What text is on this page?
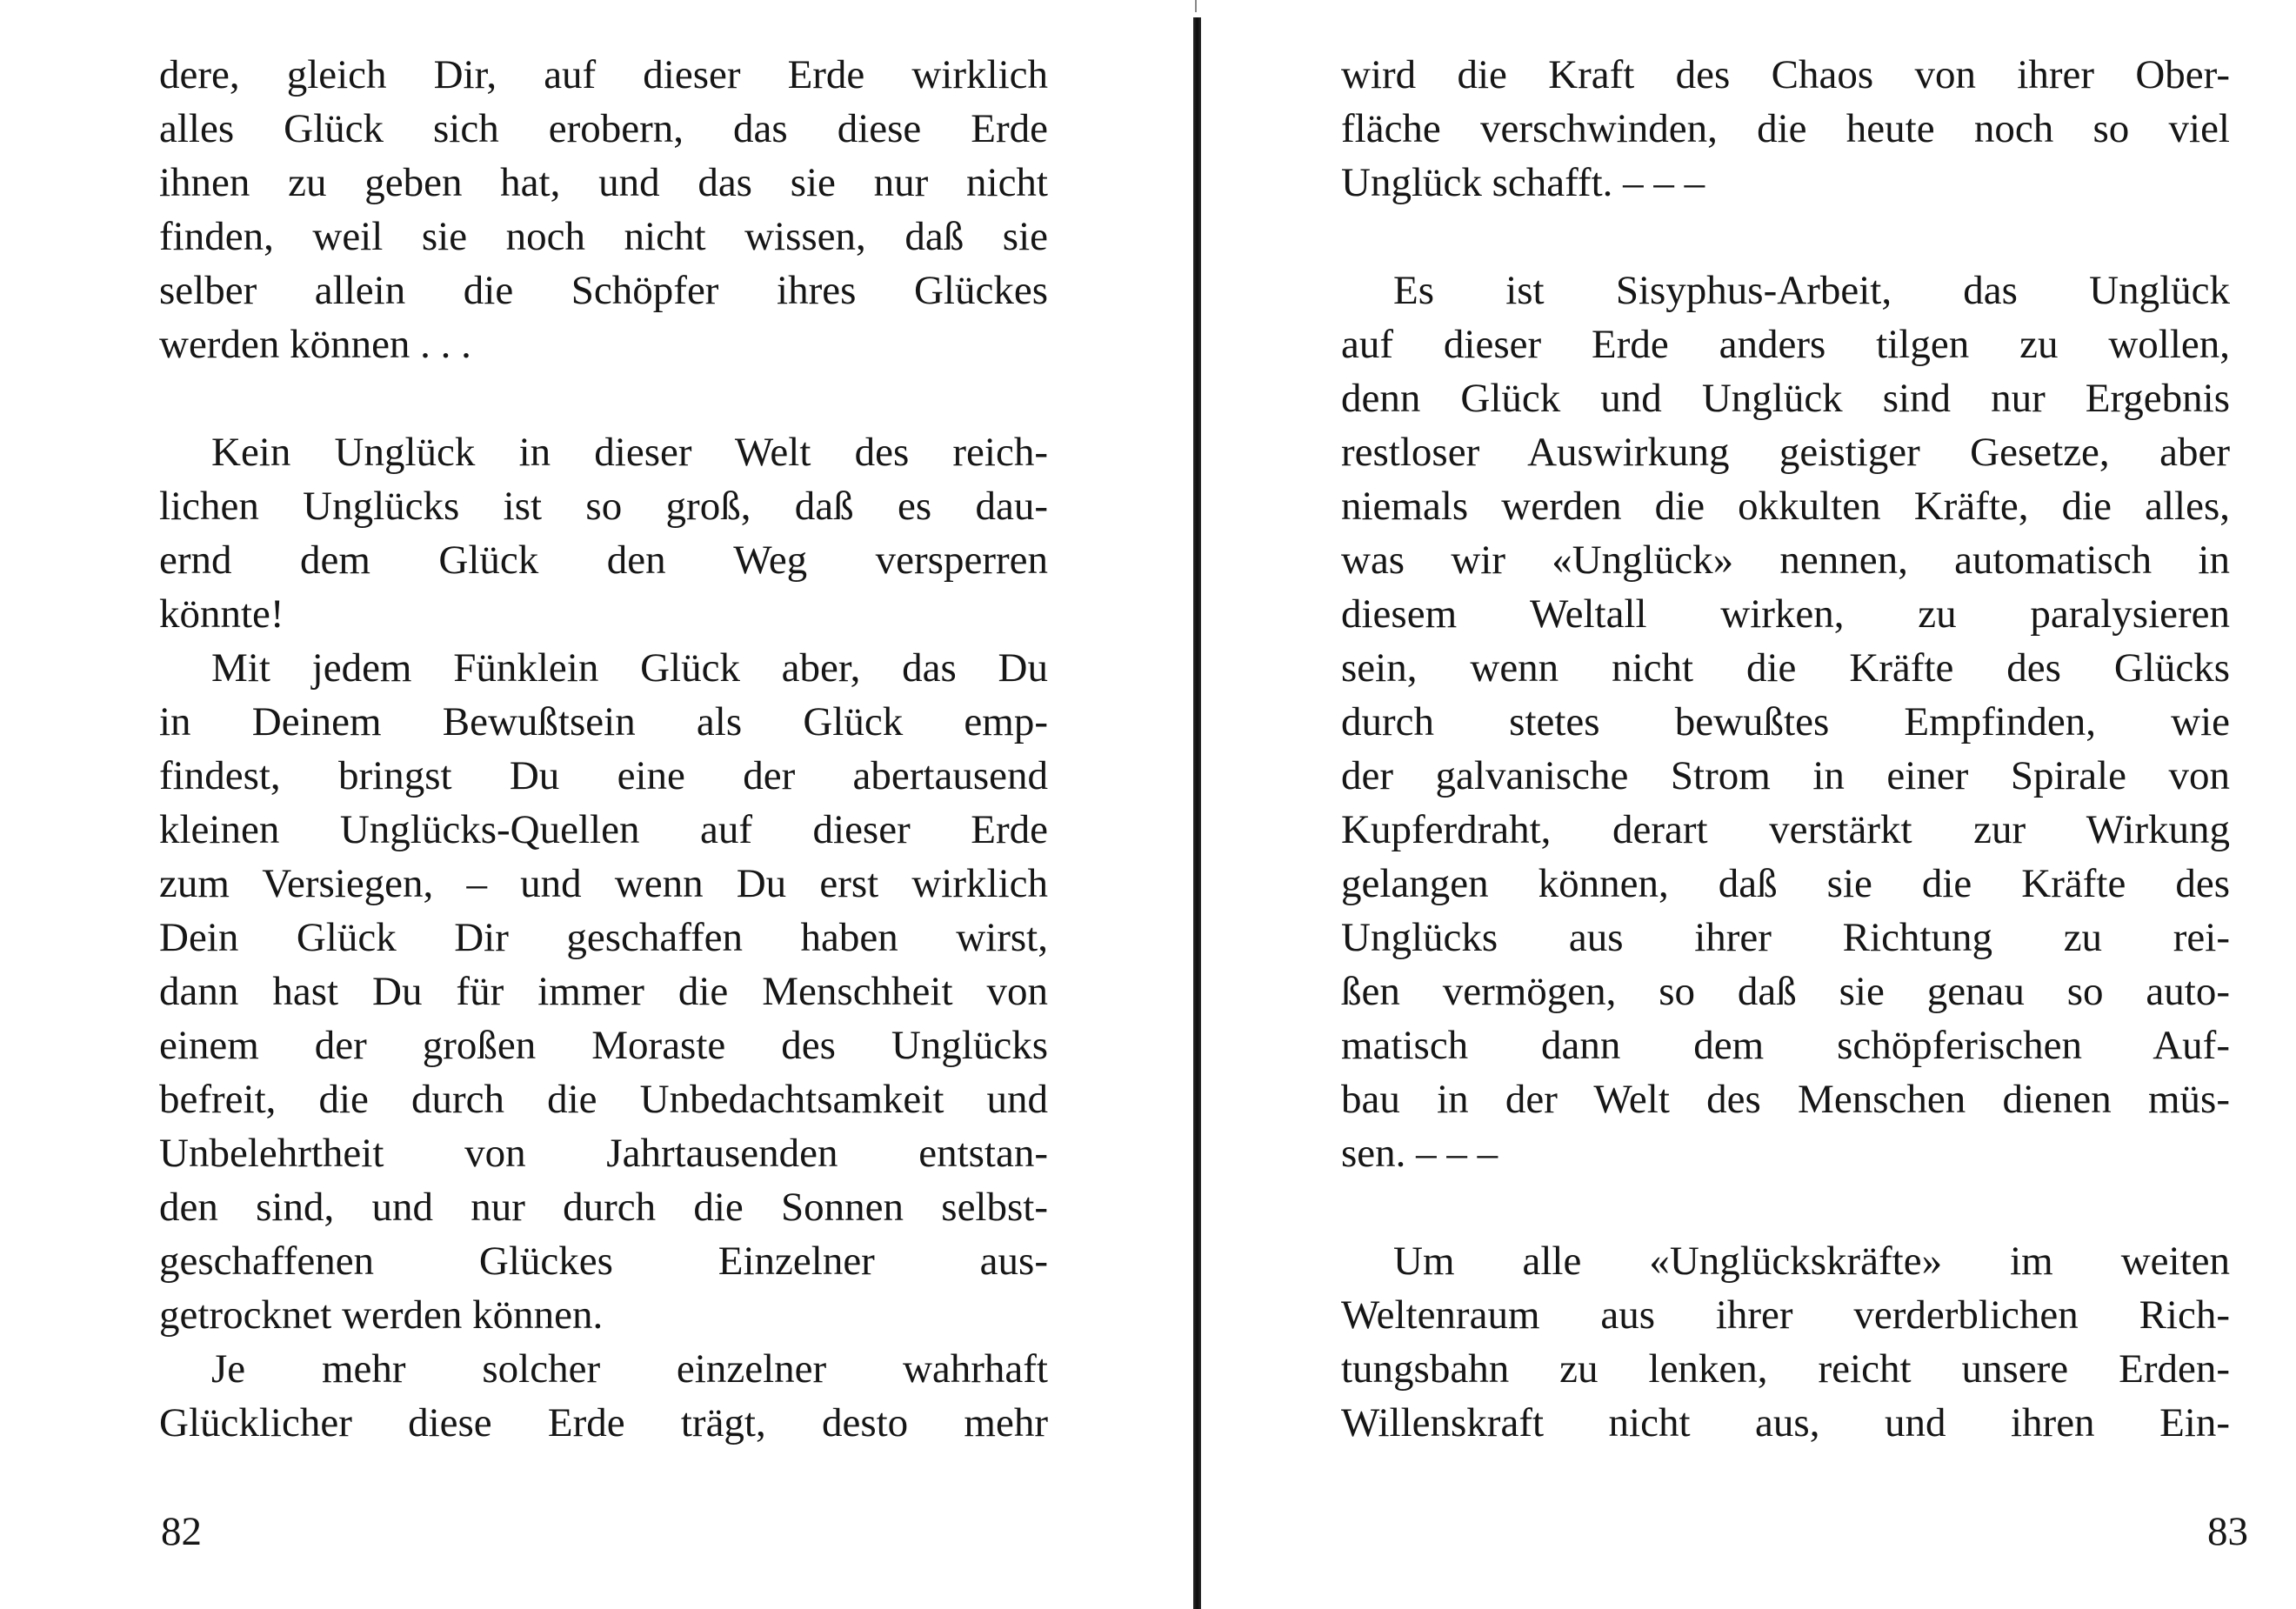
dere, gleich Dir, auf dieser Erde wirklich
alles Glück sich erobern, das diese Erde
ihnen zu geben hat, und das sie nur nicht
finden, weil sie noch nicht wissen, daß sie
selber allein die Schöpfer ihres Glückes
werden können . . .
Kein Unglück in dieser Welt des reich-
lichen Unglücks ist so groß, daß es dau-
ernd dem Glück den Weg versperren
könnte!
Mit jedem Fünklein Glück aber, das Du
in Deinem Bewußtsein als Glück emp-
findest, bringst Du eine der abertausend
kleinen Unglücks-Quellen auf dieser Erde
zum Versiegen, – und wenn Du erst wirklich
Dein Glück Dir geschaffen haben wirst,
dann hast Du für immer die Menschheit von
einem der großen Moraste des Unglücks
befreit, die durch die Unbedachtsamkeit und
Unbelehrtheit von Jahrtausenden entstan-
den sind, und nur durch die Sonnen selbst-
geschaffenen Glückes Einzelner aus-
getrocknet werden können.
Je mehr solcher einzelner wahrhaft
Glücklicher diese Erde trägt, desto mehr
82
wird die Kraft des Chaos von ihrer Ober-
fläche verschwinden, die heute noch so viel
Unglück schafft. – – –
Es ist Sisyphus-Arbeit, das Unglück
auf dieser Erde anders tilgen zu wollen,
denn Glück und Unglück sind nur Ergebnis
restloser Auswirkung geistiger Gesetze, aber
niemals werden die okkulten Kräfte, die alles,
was wir «Unglück» nennen, automatisch in
diesem Weltall wirken, zu paralysieren
sein, wenn nicht die Kräfte des Glücks
durch stetes bewußtes Empfinden, wie
der galvanische Strom in einer Spirale von
Kupferdraht, derart verstärkt zur Wirkung
gelangen können, daß sie die Kräfte des
Unglücks aus ihrer Richtung zu rei-
ßen vermögen, so daß sie genau so auto-
matisch dann dem schöpferischen Auf-
bau in der Welt des Menschen dienen müs-
sen. – – –
Um alle «Unglückskräfte» im weiten
Weltenraum aus ihrer verderblichen Rich-
tungsbahn zu lenken, reicht unsere Erden-
Willenskraft nicht aus, und ihren Ein-
83
